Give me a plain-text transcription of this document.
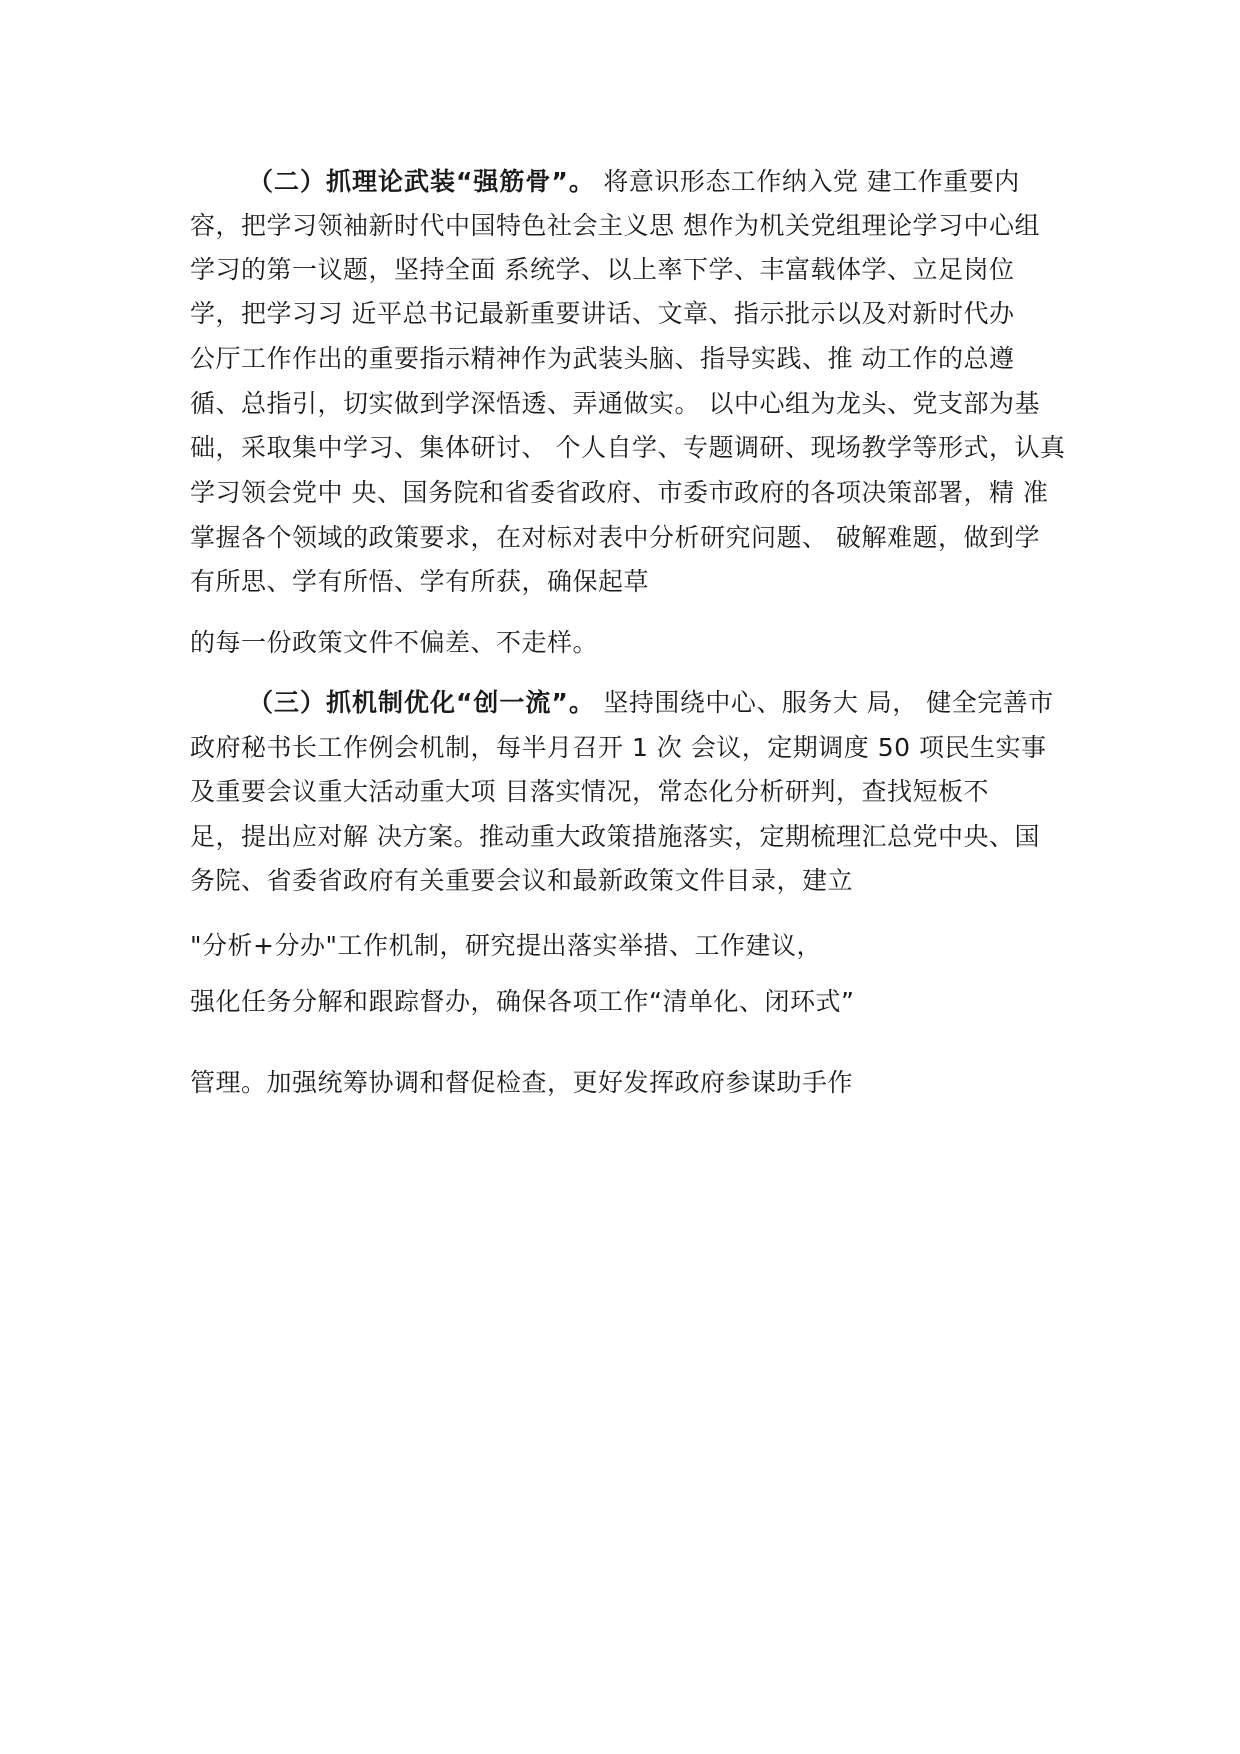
（二）抓理论武装“强筋骨”。 将意识形态工作纳入党 建工作重要内
容，把学习领袖新时代中国特色社会主义思 想作为机关党组理论学习中心组
学习的第一议题，坚持全面 系统学、以上率下学、丰富载体学、立足岗位
学，把学习习 近平总书记最新重要讲话、文章、指示批示以及对新时代办
公厅工作作出的重要指示精神作为武装头脑、指导实践、推 动工作的总遵
循、总指引，切实做到学深悟透、弄通做实。 以中心组为龙头、党支部为基
础，采取集中学习、集体研讨、 个人自学、专题调研、现场教学等形式，认真
学习领会党中 央、国务院和省委省政府、市委市政府的各项决策部署，精 准
掌握各个领域的政策要求，在对标对表中分析研究问题、 破解难题，做到学
有所思、学有所悟、学有所获，确保起草
的每一份政策文件不偏差、不走样。
（三）抓机制优化“创一流”。 坚持围绕中心、服务大 局， 健全完善市
政府秘书长工作例会机制，每半月召开 1 次 会议，定期调度 50 项民生实事
及重要会议重大活动重大项 目落实情况，常态化分析研判，查找短板不
足，提出应对解 决方案。推动重大政策措施落实，定期梳理汇总党中央、国
务院、省委省政府有关重要会议和最新政策文件目录，建立
"分析+分办"工作机制，研究提出落实举措、工作建议，
强化任务分解和跟踪督办，确保各项工作“清单化、闭环式”
管理。加强统筹协调和督促检查，更好发挥政府参谋助手作
